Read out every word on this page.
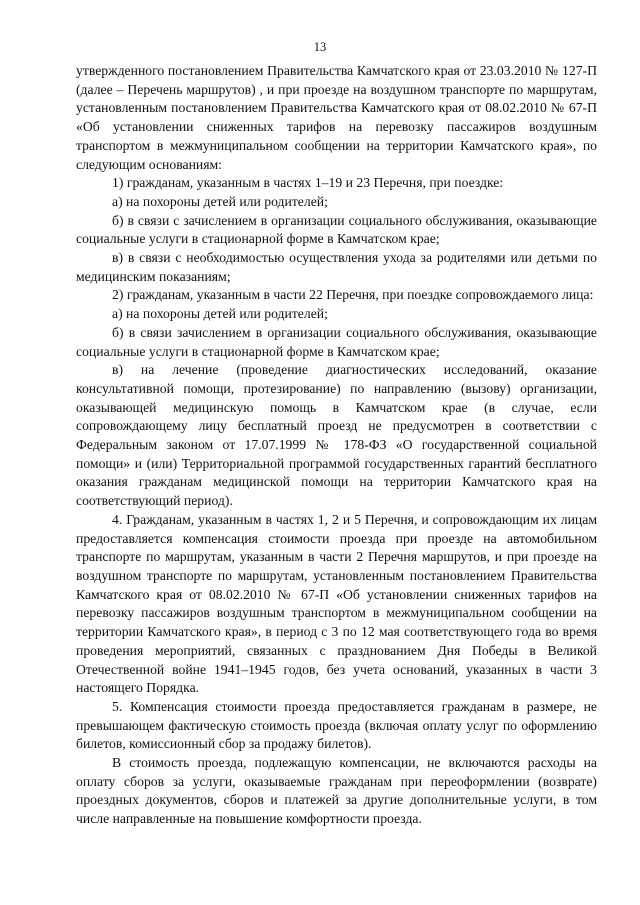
13

утвержденного постановлением Правительства Камчатского края от 23.03.2010 № 127-П (далее – Перечень маршрутов) , и при проезде на воздушном транспорте по маршрутам, установленным постановлением Правительства Камчатского края от 08.02.2010 № 67-П «Об установлении сниженных тарифов на перевозку пассажиров воздушным транспортом в межмуниципальном сообщении на территории Камчатского края», по следующим основаниям:

1) гражданам, указанным в частях 1–19 и 23 Перечня, при поездке:

а) на похороны детей или родителей;

б) в связи с зачислением в организации социального обслуживания, оказывающие социальные услуги в стационарной форме в Камчатском крае;

в) в связи с необходимостью осуществления ухода за родителями или детьми по медицинским показаниям;

2) гражданам, указанным в части 22 Перечня, при поездке сопровождаемого лица:

а) на похороны детей или родителей;

б) в связи зачислением в организации социального обслуживания, оказывающие социальные услуги в стационарной форме в Камчатском крае;

в) на лечение (проведение диагностических исследований, оказание консультативной помощи, протезирование) по направлению (вызову) организации, оказывающей медицинскую помощь в Камчатском крае (в случае, если сопровождающему лицу бесплатный проезд не предусмотрен в соответствии с Федеральным законом от 17.07.1999 № 178-ФЗ «О государственной социальной помощи» и (или) Территориальной программой государственных гарантий бесплатного оказания гражданам медицинской помощи на территории Камчатского края на соответствующий период).

4. Гражданам, указанным в частях 1, 2 и 5 Перечня, и сопровождающим их лицам предоставляется компенсация стоимости проезда при проезде на автомобильном транспорте по маршрутам, указанным в части 2 Перечня маршрутов, и при проезде на воздушном транспорте по маршрутам, установленным постановлением Правительства Камчатского края от 08.02.2010 № 67-П «Об установлении сниженных тарифов на перевозку пассажиров воздушным транспортом в межмуниципальном сообщении на территории Камчатского края», в период с 3 по 12 мая соответствующего года во время проведения мероприятий, связанных с празднованием Дня Победы в Великой Отечественной войне 1941–1945 годов, без учета оснований, указанных в части 3 настоящего Порядка.

5. Компенсация стоимости проезда предоставляется гражданам в размере, не превышающем фактическую стоимость проезда (включая оплату услуг по оформлению билетов, комиссионный сбор за продажу билетов).

В стоимость проезда, подлежащую компенсации, не включаются расходы на оплату сборов за услуги, оказываемые гражданам при переоформлении (возврате) проездных документов, сборов и платежей за другие дополнительные услуги, в том числе направленные на повышение комфортности проезда.
